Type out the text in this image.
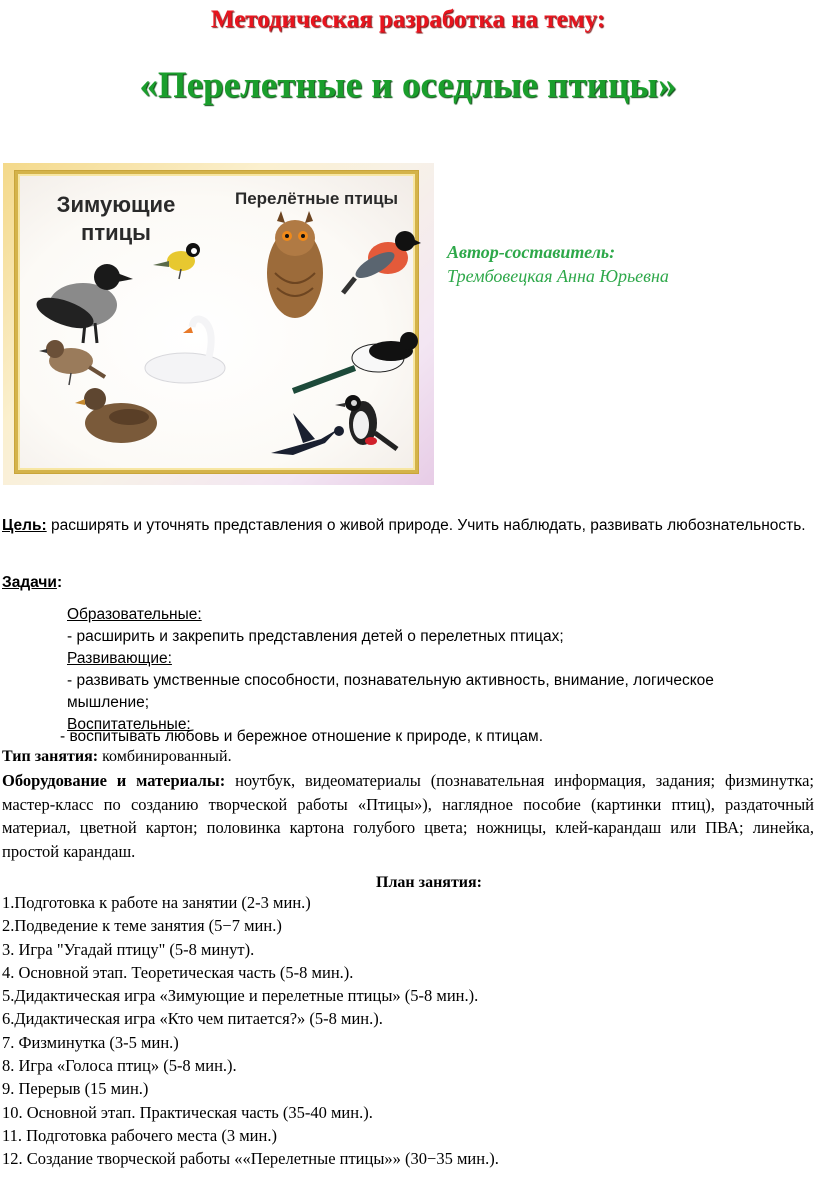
Методическая разработка на тему:
«Перелетные и оседлые птицы»
Зимующие птицы
Перелётные птицы
Автор-составитель:
Трембовецкая Анна Юрьевна
Цель: расширять и уточнять представления о живой природе. Учить наблюдать, развивать любознательность.
Задачи:
Образовательные:
- расширить и закрепить представления детей о перелетных птицах;
Развивающие:
- развивать умственные способности, познавательную активность, внимание, логическое мышление;
Воспитательные:
- воспитывать любовь и бережное отношение к природе, к птицам.
Тип занятия: комбинированный.
Оборудование и материалы: ноутбук, видеоматериалы (познавательная информация, задания; физминутка; мастер-класс по созданию творческой работы «Птицы»), наглядное пособие (картинки птиц), раздаточный материал, цветной картон; половинка картона голубого цвета; ножницы, клей-карандаш или ПВА; линейка, простой карандаш.
План занятия:
1.Подготовка к работе на занятии (2-3 мин.)
2.Подведение к теме занятия (5−7 мин.)
3. Игра "Угадай птицу" (5-8 минут).
4. Основной этап. Теоретическая часть (5-8 мин.).
5.Дидактическая игра «Зимующие и перелетные птицы» (5-8 мин.).
6.Дидактическая игра «Кто чем питается?» (5-8 мин.).
7. Физминутка (3-5 мин.)
8. Игра «Голоса птиц» (5-8 мин.).
9. Перерыв (15 мин.)
10. Основной этап. Практическая часть (35-40 мин.).
11. Подготовка рабочего места (3 мин.)
12. Создание творческой работы ««Перелетные птицы»» (30−35 мин.).
